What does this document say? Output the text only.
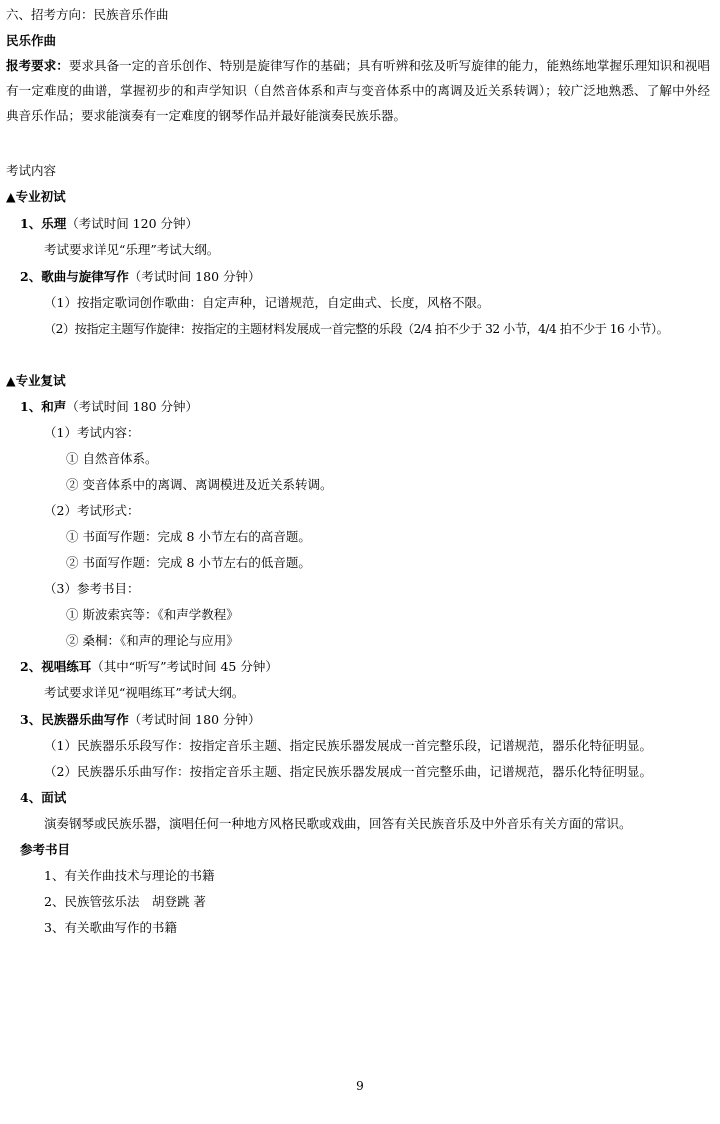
六、招考方向：民族音乐作曲
民乐作曲
报考要求：要求具备一定的音乐创作、特别是旋律写作的基础；具有听辨和弦及听写旋律的能力，能熟练地掌握乐理知识和视唱有一定难度的曲谱，掌握初步的和声学知识（自然音体系和声与变音体系中的离调及近关系转调）；较广泛地熟悉、了解中外经典音乐作品；要求能演奏有一定难度的钢琴作品并最好能演奏民族乐器。
考试内容
▲专业初试
1、乐理（考试时间 120 分钟）
考试要求详见“乐理”考试大纲。
2、歌曲与旋律写作（考试时间 180 分钟）
（1）按指定歌词创作歌曲：自定声种，记谱规范，自定曲式、长度，风格不限。
（2）按指定主题写作旋律：按指定的主题材料发展成一首完整的乐段（2/4 拍不少于 32 小节，4/4 拍不少于 16 小节）。
▲专业复试
1、和声（考试时间 180 分钟）
（1）考试内容：
① 自然音体系。
② 变音体系中的离调、离调模进及近关系转调。
（2）考试形式：
① 书面写作题：完成 8 小节左右的高音题。
② 书面写作题：完成 8 小节左右的低音题。
（3）参考书目：
① 斯波索宾等：《和声学教程》
② 桑桐：《和声的理论与应用》
2、视唱练耳（其中“听写”考试时间 45 分钟）
考试要求详见“视唱练耳”考试大纲。
3、民族器乐曲写作（考试时间 180 分钟）
（1）民族器乐乐段写作：按指定音乐主题、指定民族乐器发展成一首完整乐段，记谱规范，器乐化特征明显。
（2）民族器乐乐曲写作：按指定音乐主题、指定民族乐器发展成一首完整乐曲，记谱规范，器乐化特征明显。
4、面试
演奏钢琴或民族乐器，演唱任何一种地方风格民歌或戏曲，回答有关民族音乐及中外音乐有关方面的常识。
参考书目
1、有关作曲技术与理论的书籍
2、民族管弦乐法　胡登跳 著
3、有关歌曲写作的书籍
9
